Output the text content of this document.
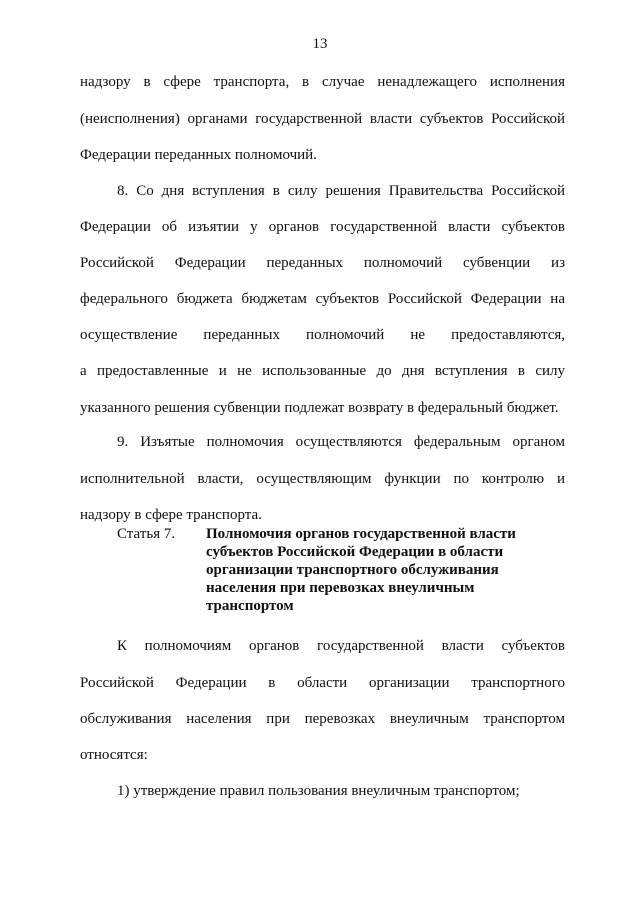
13
надзору в сфере транспорта, в случае ненадлежащего исполнения
(неисполнения) органами государственной власти субъектов Российской
Федерации переданных полномочий.
8. Со дня вступления в силу решения Правительства Российской
Федерации об изъятии у органов государственной власти субъектов
Российской Федерации переданных полномочий субвенции из
федерального бюджета бюджетам субъектов Российской Федерации на
осуществление переданных полномочий не предоставляются,
а предоставленные и не использованные до дня вступления в силу
указанного решения субвенции подлежат возврату в федеральный бюджет.
9. Изъятые полномочия осуществляются федеральным органом
исполнительной власти, осуществляющим функции по контролю и
надзору в сфере транспорта.
К полномочиям органов государственной власти субъектов
Российской Федерации в области организации транспортного
обслуживания населения при перевозках внеуличным транспортом
относятся:
1) утверждение правил пользования внеуличным транспортом;
Статья 7. Полномочия органов государственной власти
субъектов Российской Федерации в области
организации транспортного обслуживания
населения при перевозках внеуличным
транспортом
